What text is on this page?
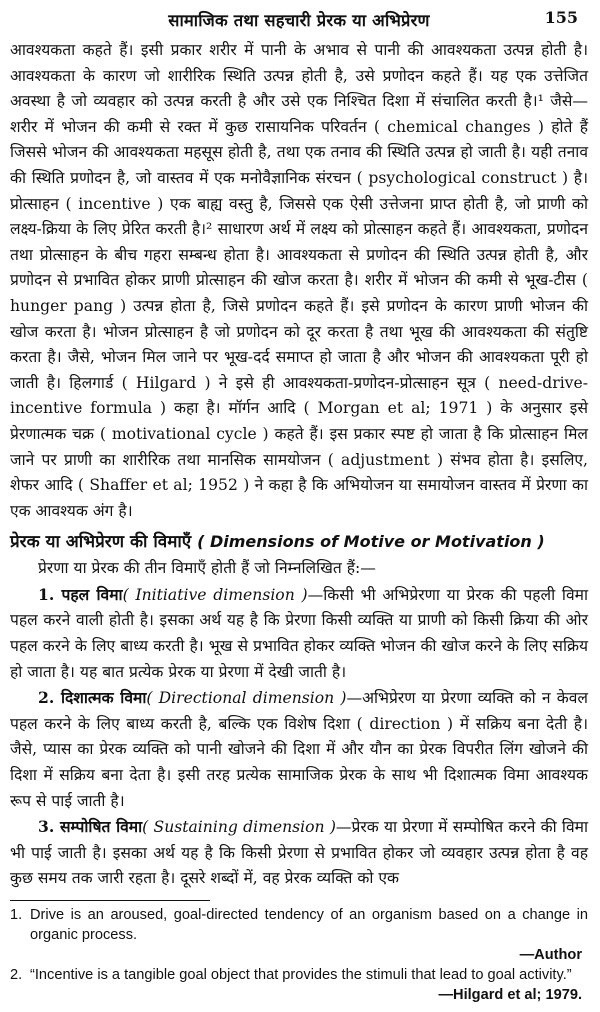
सामाजिक तथा सहचारी प्रेरक या अभिप्रेरण	155

आवश्यकता कहते हैं। इसी प्रकार शरीर में पानी के अभाव से पानी की आवश्यकता उत्पन्न होती है। आवश्यकता के कारण जो शारीरिक स्थिति उत्पन्न होती है, उसे प्रणोदन कहते हैं। यह एक उत्तेजित अवस्था है जो व्यवहार को उत्पन्न करती है और उसे एक निश्चित दिशा में संचालित करती है।¹ जैसे—शरीर में भोजन की कमी से रक्त में कुछ रासायनिक परिवर्तन ( chemical changes ) होते हैं जिससे भोजन की आवश्यकता महसूस होती है, तथा एक तनाव की स्थिति उत्पन्न हो जाती है। यही तनाव की स्थिति प्रणोदन है, जो वास्तव में एक मनोवैज्ञानिक संरचन ( psychological construct ) है। प्रोत्साहन ( incentive ) एक बाह्य वस्तु है, जिससे एक ऐसी उत्तेजना प्राप्त होती है, जो प्राणी को लक्ष्य-क्रिया के लिए प्रेरित करती है।² साधारण अर्थ में लक्ष्य को प्रोत्साहन कहते हैं। आवश्यकता, प्रणोदन तथा प्रोत्साहन के बीच गहरा सम्बन्ध होता है। आवश्यकता से प्रणोदन की स्थिति उत्पन्न होती है, और प्रणोदन से प्रभावित होकर प्राणी प्रोत्साहन की खोज करता है। शरीर में भोजन की कमी से भूख-टीस ( hunger pang ) उत्पन्न होता है, जिसे प्रणोदन कहते हैं। इसे प्रणोदन के कारण प्राणी भोजन की खोज करता है। भोजन प्रोत्साहन है जो प्रणोदन को दूर करता है तथा भूख की आवश्यकता की संतुष्टि करता है। जैसे, भोजन मिल जाने पर भूख-दर्द समाप्त हो जाता है और भोजन की आवश्यकता पूरी हो जाती है। हिलगार्ड ( Hilgard ) ने इसे ही आवश्यकता-प्रणोदन-प्रोत्साहन सूत्र ( need-drive-incentive formula ) कहा है। मॉर्गन आदि ( Morgan et al; 1971 ) के अनुसार इसे प्रेरणात्मक चक्र ( motivational cycle ) कहते हैं। इस प्रकार स्पष्ट हो जाता है कि प्रोत्साहन मिल जाने पर प्राणी का शारीरिक तथा मानसिक सामयोजन ( adjustment ) संभव होता है। इसलिए, शेफर आदि ( Shaffer et al; 1952 ) ने कहा है कि अभियोजन या समायोजन वास्तव में प्रेरणा का एक आवश्यक अंग है।

प्रेरक या अभिप्रेरण की विमाएँ ( Dimensions of Motive or Motivation )

प्रेरणा या प्रेरक की तीन विमाएँ होती हैं जो निम्नलिखित हैं:—

1. पहल विमा( Initiative dimension )—किसी भी अभिप्रेरणा या प्रेरक की पहली विमा पहल करने वाली होती है। इसका अर्थ यह है कि प्रेरणा किसी व्यक्ति या प्राणी को किसी क्रिया की ओर पहल करने के लिए बाध्य करती है। भूख से प्रभावित होकर व्यक्ति भोजन की खोज करने के लिए सक्रिय हो जाता है। यह बात प्रत्येक प्रेरक या प्रेरणा में देखी जाती है।

2. दिशात्मक विमा( Directional dimension )—अभिप्रेरण या प्रेरणा व्यक्ति को न केवल पहल करने के लिए बाध्य करती है, बल्कि एक विशेष दिशा ( direction ) में सक्रिय बना देती है। जैसे, प्यास का प्रेरक व्यक्ति को पानी खोजने की दिशा में और यौन का प्रेरक विपरीत लिंग खोजने की दिशा में सक्रिय बना देता है। इसी तरह प्रत्येक सामाजिक प्रेरक के साथ भी दिशात्मक विमा आवश्यक रूप से पाई जाती है।

3. सम्पोषित विमा( Sustaining dimension )—प्रेरक या प्रेरणा में सम्पोषित करने की विमा भी पाई जाती है। इसका अर्थ यह है कि किसी प्रेरणा से प्रभावित होकर जो व्यवहार उत्पन्न होता है वह कुछ समय तक जारी रहता है। दूसरे शब्दों में, वह प्रेरक व्यक्ति को एक

1. Drive is an aroused, goal-directed tendency of an organism based on a change in organic process.
—Author
2. “Incentive is a tangible goal object that provides the stimuli that lead to goal activity.”
—Hilgard et al; 1979.
